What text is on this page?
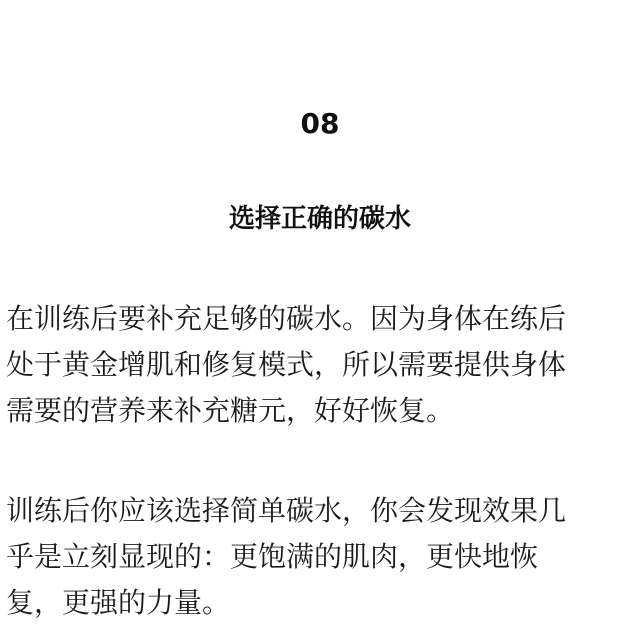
08
选择正确的碳水
在训练后要补充足够的碳水。因为身体在练后
处于黄金增肌和修复模式，所以需要提供身体
需要的营养来补充糖元，好好恢复。
训练后你应该选择简单碳水，你会发现效果几
乎是立刻显现的：更饱满的肌肉，更快地恢
复，更强的力量。
